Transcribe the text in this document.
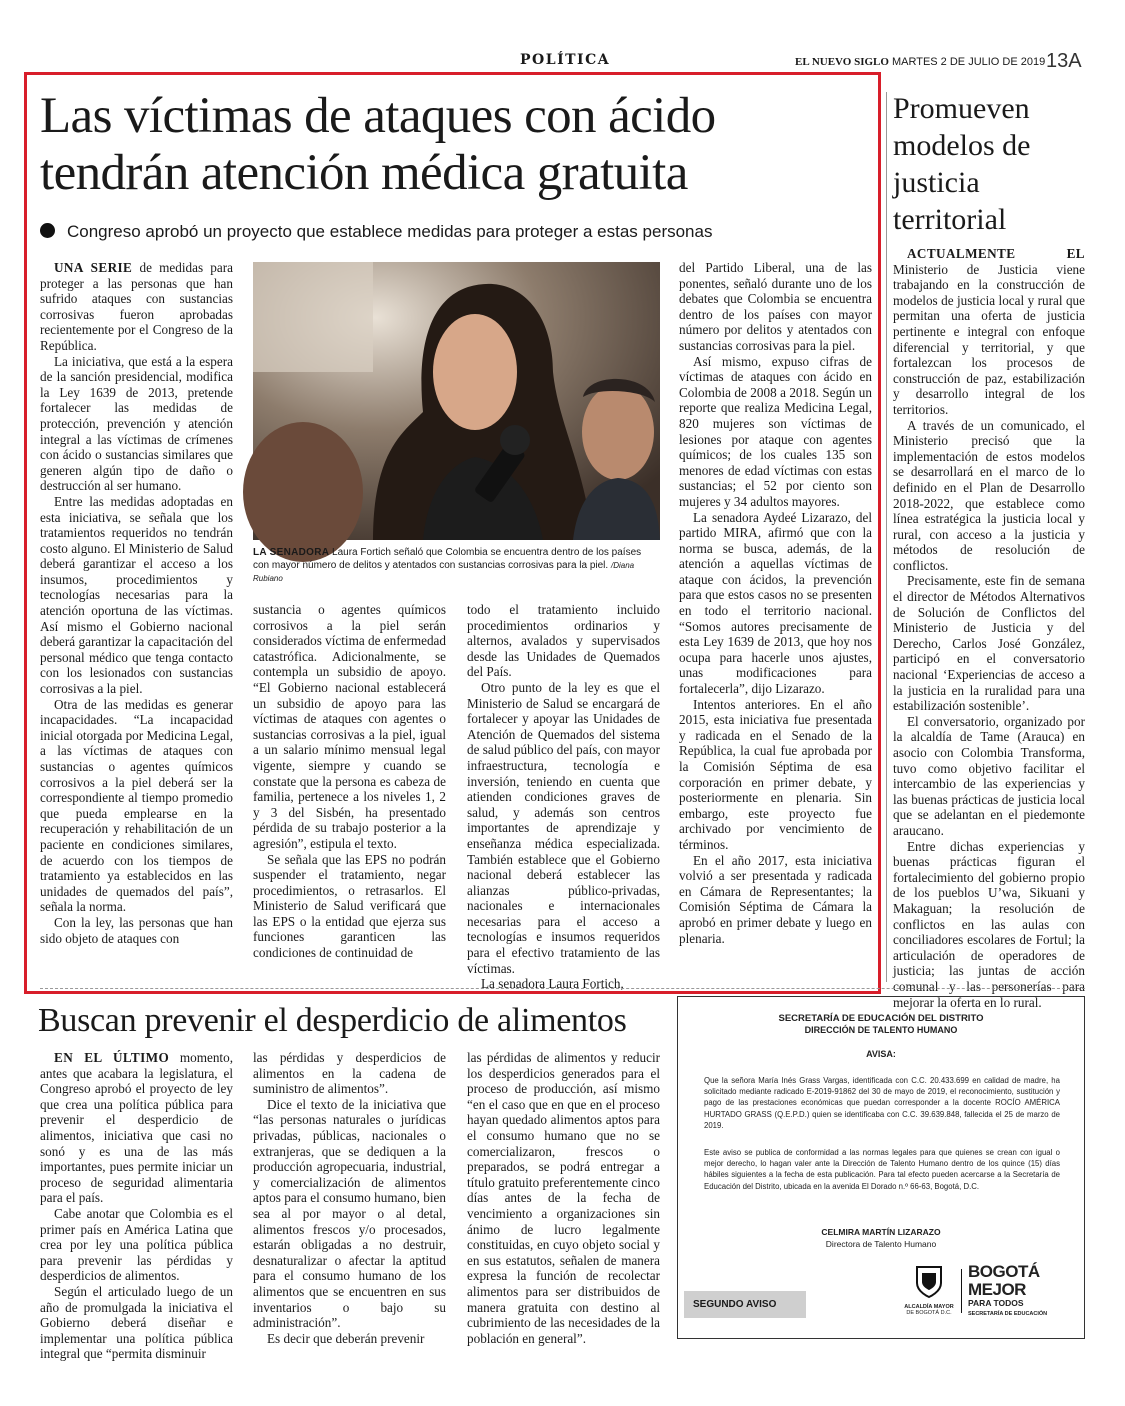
POLÍTICA	EL NUEVO SIGLO MARTES 2 DE JULIO DE 2019 13A
Las víctimas de ataques con ácido tendrán atención médica gratuita
Congreso aprobó un proyecto que establece medidas para proteger a estas personas

UNA SERIE de medidas para proteger a las personas que han sufrido ataques con sustancias corrosivas fueron aprobadas recientemente por el Congreso de la República.

La iniciativa, que está a la espera de la sanción presidencial, modifica la Ley 1639 de 2013, pretende fortalecer las medidas de protección, prevención y atención integral a las víctimas de crímenes con ácido o sustancias similares que generen algún tipo de daño o destrucción al ser humano.

Entre las medidas adoptadas en esta iniciativa, se señala que los tratamientos requeridos no tendrán costo alguno. El Ministerio de Salud deberá garantizar el acceso a los insumos, procedimientos y tecnologías necesarias para la atención oportuna de las víctimas. Así mismo el Gobierno nacional deberá garantizar la capacitación del personal médico que tenga contacto con los lesionados con sustancias corrosivas a la piel.

Otra de las medidas es generar incapacidades. “La incapacidad inicial otorgada por Medicina Legal, a las víctimas de ataques con sustancias o agentes químicos corrosivos a la piel deberá ser la correspondiente al tiempo promedio que pueda emplearse en la recuperación y rehabilitación de un paciente en condiciones similares, de acuerdo con los tiempos de tratamiento ya establecidos en las unidades de quemados del país”, señala la norma.

Con la ley, las personas que han sido objeto de ataques con

LA SENADORA Laura Fortich señaló que Colombia se encuentra dentro de los países con mayor número de delitos y atentados con sustancias corrosivas para la piel. /Diana Rubiano

sustancia o agentes químicos corrosivos a la piel serán considerados víctima de enfermedad catastrófica. Adicionalmente, se contempla un subsidio de apoyo. “El Gobierno nacional establecerá un subsidio de apoyo para las víctimas de ataques con agentes o sustancias corrosivas a la piel, igual a un salario mínimo mensual legal vigente, siempre y cuando se constate que la persona es cabeza de familia, pertenece a los niveles 1, 2 y 3 del Sisbén, ha presentado pérdida de su trabajo posterior a la agresión”, estipula el texto.

Se señala que las EPS no podrán suspender el tratamiento, negar procedimientos, o retrasarlos. El Ministerio de Salud verificará que las EPS o la entidad que ejerza sus funciones garanticen las condiciones de continuidad de

todo el tratamiento incluido procedimientos ordinarios y alternos, avalados y supervisados desde las Unidades de Quemados del País.

Otro punto de la ley es que el Ministerio de Salud se encargará de fortalecer y apoyar las Unidades de Atención de Quemados del sistema de salud público del país, con mayor infraestructura, tecnología e inversión, teniendo en cuenta que atienden condiciones graves de salud, y además son centros importantes de aprendizaje y enseñanza médica especializada. También establece que el Gobierno nacional deberá establecer las alianzas público-privadas, nacionales e internacionales necesarias para el acceso a tecnologías e insumos requeridos para el efectivo tratamiento de las víctimas.

La senadora Laura Fortich,

del Partido Liberal, una de las ponentes, señaló durante uno de los debates que Colombia se encuentra dentro de los países con mayor número por delitos y atentados con sustancias corrosivas para la piel.

Así mismo, expuso cifras de víctimas de ataques con ácido en Colombia de 2008 a 2018. Según un reporte que realiza Medicina Legal, 820 mujeres son víctimas de lesiones por ataque con agentes químicos; de los cuales 135 son menores de edad víctimas con estas sustancias; el 52 por ciento son mujeres y 34 adultos mayores.

La senadora Aydeé Lizarazo, del partido MIRA, afirmó que con la norma se busca, además, de la atención a aquellas víctimas de ataque con ácidos, la prevención para que estos casos no se presenten en todo el territorio nacional. “Somos autores precisamente de esta Ley 1639 de 2013, que hoy nos ocupa para hacerle unos ajustes, unas modificaciones para fortalecerla”, dijo Lizarazo.

Intentos anteriores. En el año 2015, esta iniciativa fue presentada y radicada en el Senado de la República, la cual fue aprobada por la Comisión Séptima de esa corporación en primer debate, y posteriormente en plenaria. Sin embargo, este proyecto fue archivado por vencimiento de términos.

En el año 2017, esta iniciativa volvió a ser presentada y radicada en Cámara de Representantes; la Comisión Séptima de Cámara la aprobó en primer debate y luego en plenaria.

Promueven modelos de justicia territorial

ACTUALMENTE EL Ministerio de Justicia viene trabajando en la construcción de modelos de justicia local y rural que permitan una oferta de justicia pertinente e integral con enfoque diferencial y territorial, y que fortalezcan los procesos de construcción de paz, estabilización y desarrollo integral de los territorios.

A través de un comunicado, el Ministerio precisó que la implementación de estos modelos se desarrollará en el marco de lo definido en el Plan de Desarrollo 2018-2022, que establece como línea estratégica la justicia local y rural, con acceso a la justicia y métodos de resolución de conflictos.

Precisamente, este fin de semana el director de Métodos Alternativos de Solución de Conflictos del Ministerio de Justicia y del Derecho, Carlos José González, participó en el conversatorio nacional ‘Experiencias de acceso a la justicia en la ruralidad para una estabilización sostenible’.

El conversatorio, organizado por la alcaldía de Tame (Arauca) en asocio con Colombia Transforma, tuvo como objetivo facilitar el intercambio de las experiencias y las buenas prácticas de justicia local que se adelantan en el piedemonte araucano.

Entre dichas experiencias y buenas prácticas figuran el fortalecimiento del gobierno propio de los pueblos U’wa, Sikuani y Makaguan; la resolución de conflictos en las aulas con conciliadores escolares de Fortul; la articulación de operadores de justicia; las juntas de acción comunal y las personerías para mejorar la oferta en lo rural.

Buscan prevenir el desperdicio de alimentos

EN EL ÚLTIMO momento, antes que acabara la legislatura, el Congreso aprobó el proyecto de ley que crea una política pública para prevenir el desperdicio de alimentos, iniciativa que casi no sonó y es una de las más importantes, pues permite iniciar un proceso de seguridad alimentaria para el país.

Cabe anotar que Colombia es el primer país en América Latina que crea por ley una política pública para prevenir las pérdidas y desperdicios de alimentos.

Según el articulado luego de un año de promulgada la iniciativa el Gobierno deberá diseñar e implementar una política pública integral que “permita disminuir

las pérdidas y desperdicios de alimentos en la cadena de suministro de alimentos”.

Dice el texto de la iniciativa que “las personas naturales o jurídicas privadas, públicas, nacionales o extranjeras, que se dediquen a la producción agropecuaria, industrial, y comercialización de alimentos aptos para el consumo humano, bien sea al por mayor o al detal, alimentos frescos y/o procesados, estarán obligadas a no destruir, desnaturalizar o afectar la aptitud para el consumo humano de los alimentos que se encuentren en sus inventarios o bajo su administración”.

Es decir que deberán prevenir

las pérdidas de alimentos y reducir los desperdicios generados para el proceso de producción, así mismo “en el caso que en que en el proceso hayan quedado alimentos aptos para el consumo humano que no se comercializaron, frescos o preparados, se podrá entregar a título gratuito preferentemente cinco días antes de la fecha de vencimiento a organizaciones sin ánimo de lucro legalmente constituidas, en cuyo objeto social y en sus estatutos, señalen de manera expresa la función de recolectar alimentos para ser distribuidos de manera gratuita con destino al cubrimiento de las necesidades de la población en general”.

SECRETARÍA DE EDUCACIÓN DEL DISTRITO
DIRECCIÓN DE TALENTO HUMANO
AVISA:
Que la señora María Inés Grass Vargas, identificada con C.C. 20.433.699 en calidad de madre, ha solicitado mediante radicado E-2019-91862 del 30 de mayo de 2019, el reconocimiento, sustitución y pago de las prestaciones económicas que puedan corresponder a la docente ROCÍO AMÉRICA HURTADO GRASS (Q.E.P.D.) quien se identificaba con C.C. 39.639.848, fallecida el 25 de marzo de 2019.
Este aviso se publica de conformidad a las normas legales para que quienes se crean con igual o mejor derecho, lo hagan valer ante la Dirección de Talento Humano dentro de los quince (15) días hábiles siguientes a la fecha de esta publicación. Para tal efecto pueden acercarse a la Secretaría de Educación del Distrito, ubicada en la avenida El Dorado n.º 66-63, Bogotá, D.C.
CELMIRA MARTÍN LIZARAZO
Directora de Talento Humano
ALCALDÍA MAYOR
DE BOGOTÁ D.C.
BOGOTÁ
MEJOR
PARA TODOS
SECRETARÍA DE EDUCACIÓN
SEGUNDO AVISO
